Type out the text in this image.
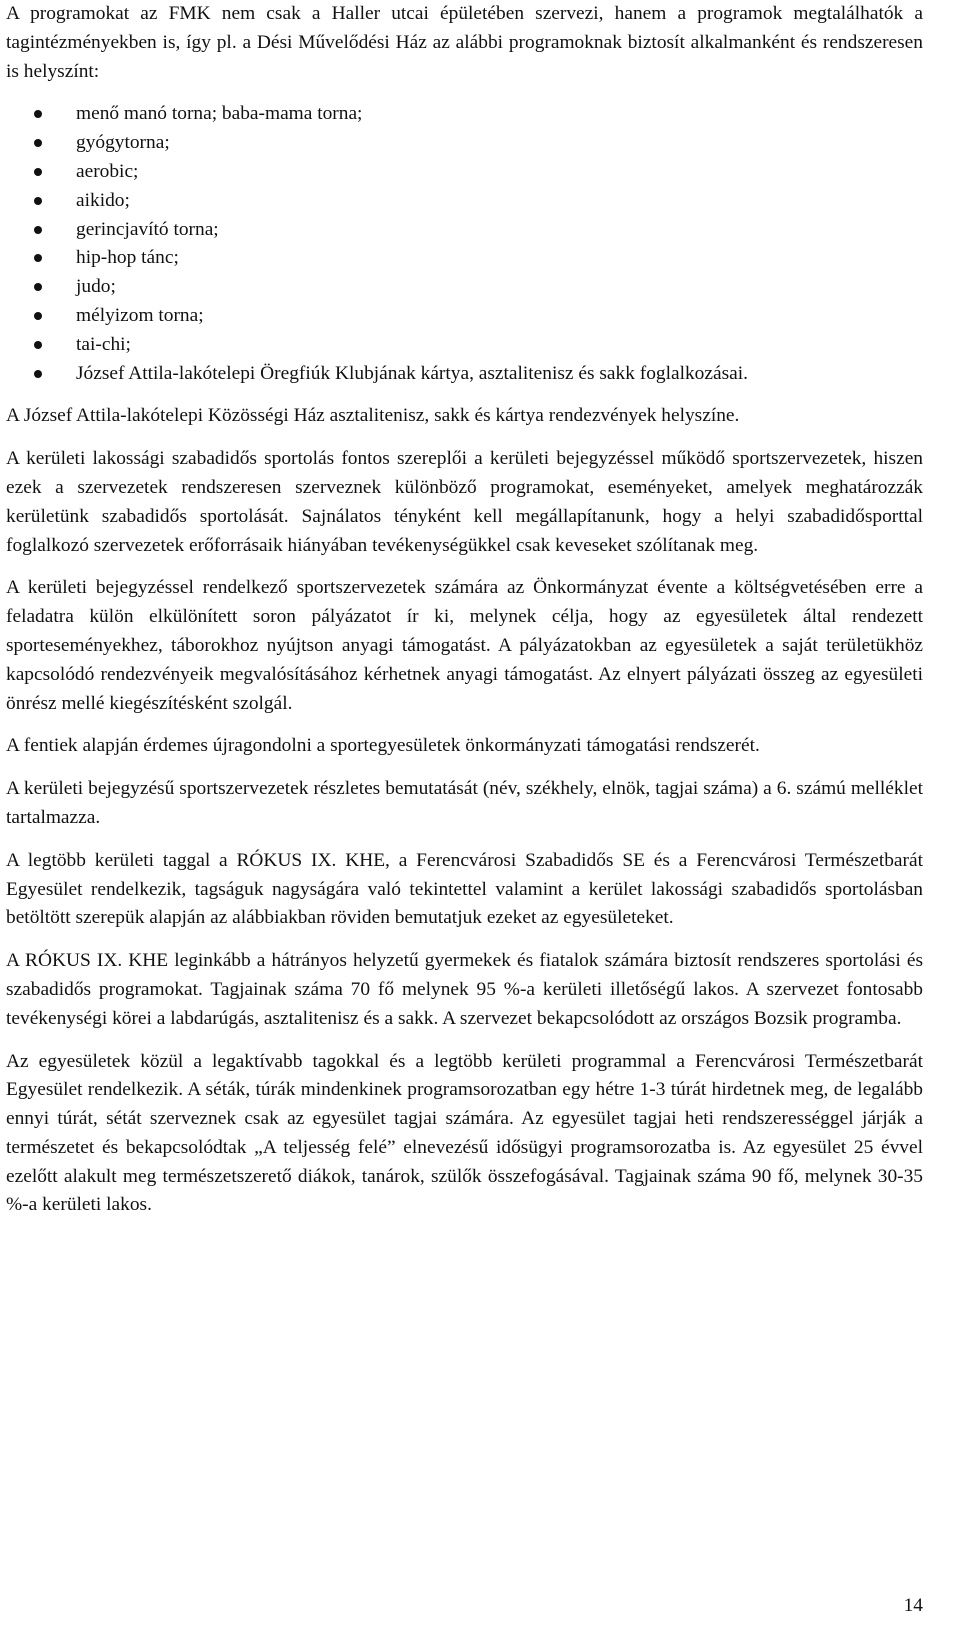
A programokat az FMK nem csak a Haller utcai épületében szervezi, hanem a programok megtalálhatók a tagintézményekben is, így pl. a Dési Művelődési Ház az alábbi programoknak biztosít alkalmanként és rendszeresen is helyszínt:

menő manó torna; baba-mama torna;
gyógytorna;
aerobic;
aikido;
gerincjavító torna;
hip-hop tánc;
judo;
mélyizom torna;
tai-chi;
József Attila-lakótelepi Öregfiúk Klubjának kártya, asztalitenisz és sakk foglalkozásai.

A József Attila-lakótelepi Közösségi Ház asztalitenisz, sakk és kártya rendezvények helyszíne.

A kerületi lakossági szabadidős sportolás fontos szereplői a kerületi bejegyzéssel működő sportszervezetek, hiszen ezek a szervezetek rendszeresen szerveznek különböző programokat, eseményeket, amelyek meghatározzák kerületünk szabadidős sportolását. Sajnálatos tényként kell megállapítanunk, hogy a helyi szabadidősporttal foglalkozó szervezetek erőforrásaik hiányában tevékenységükkel csak keveseket szólítanak meg.

A kerületi bejegyzéssel rendelkező sportszervezetek számára az Önkormányzat évente a költségvetésében erre a feladatra külön elkülönített soron pályázatot ír ki, melynek célja, hogy az egyesületek által rendezett sporteseményekhez, táborokhoz nyújtson anyagi támogatást. A pályázatokban az egyesületek a saját területükhöz kapcsolódó rendezvényeik megvalósításához kérhetnek anyagi támogatást. Az elnyert pályázati összeg az egyesületi önrész mellé kiegészítésként szolgál.

A fentiek alapján érdemes újragondolni a sportegyesületek önkormányzati támogatási rendszerét.

A kerületi bejegyzésű sportszervezetek részletes bemutatását (név, székhely, elnök, tagjai száma) a 6. számú melléklet tartalmazza.

A legtöbb kerületi taggal a RÓKUS IX. KHE, a Ferencvárosi Szabadidős SE és a Ferencvárosi Természetbarát Egyesület rendelkezik, tagságuk nagyságára való tekintettel valamint a kerület lakossági szabadidős sportolásban betöltött szerepük alapján az alábbiakban röviden bemutatjuk ezeket az egyesületeket.

A RÓKUS IX. KHE leginkább a hátrányos helyzetű gyermekek és fiatalok számára biztosít rendszeres sportolási és szabadidős programokat. Tagjainak száma 70 fő melynek 95 %-a kerületi illetőségű lakos. A szervezet fontosabb tevékenységi körei a labdarúgás, asztalitenisz és a sakk. A szervezet bekapcsolódott az országos Bozsik programba.

Az egyesületek közül a legaktívabb tagokkal és a legtöbb kerületi programmal a Ferencvárosi Természetbarát Egyesület rendelkezik. A séták, túrák mindenkinek programsorozatban egy hétre 1-3 túrát hirdetnek meg, de legalább ennyi túrát, sétát szerveznek csak az egyesület tagjai számára. Az egyesület tagjai heti rendszerességgel járják a természetet és bekapcsolódtak „A teljesség felé” elnevezésű idősügyi programsorozatba is. Az egyesület 25 évvel ezelőtt alakult meg természetszerető diákok, tanárok, szülők összefogásával. Tagjainak száma 90 fő, melynek 30-35 %-a kerületi lakos.

14
